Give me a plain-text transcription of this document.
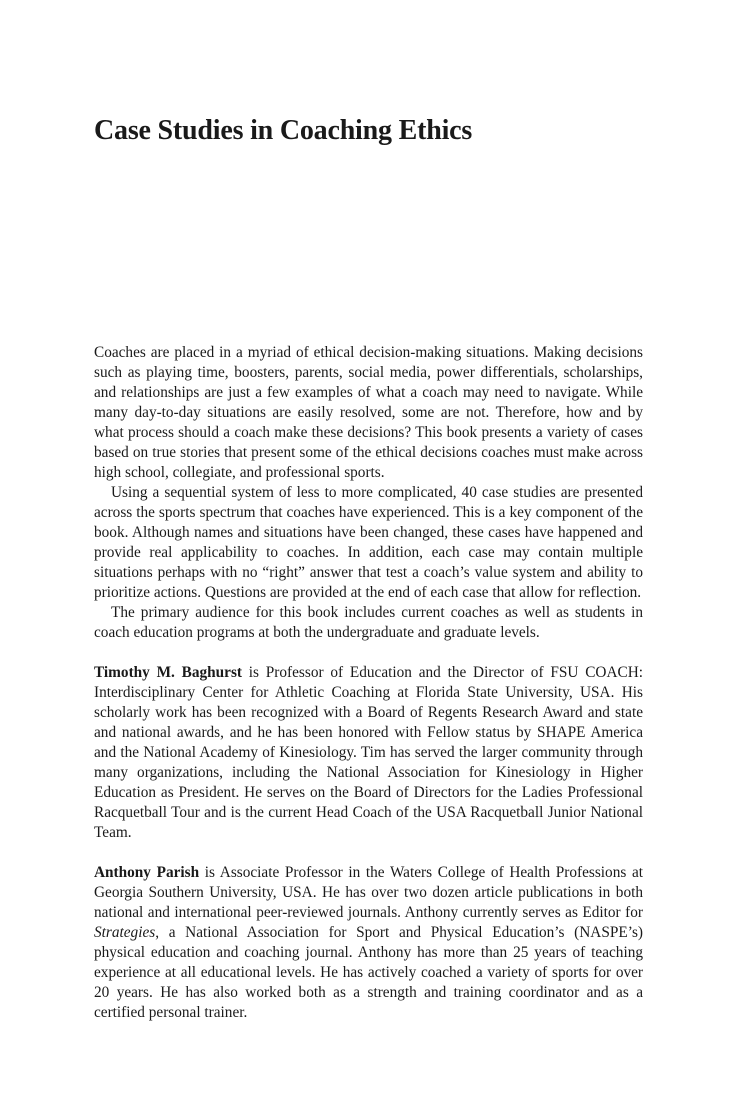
Case Studies in Coaching Ethics

Coaches are placed in a myriad of ethical decision-making situations. Making decisions such as playing time, boosters, parents, social media, power differentials, scholarships, and relationships are just a few examples of what a coach may need to navigate. While many day-to-day situations are easily resolved, some are not. Therefore, how and by what process should a coach make these decisions? This book presents a variety of cases based on true stories that present some of the ethical decisions coaches must make across high school, collegiate, and professional sports.

Using a sequential system of less to more complicated, 40 case studies are presented across the sports spectrum that coaches have experienced. This is a key component of the book. Although names and situations have been changed, these cases have happened and provide real applicability to coaches. In addition, each case may contain multiple situations perhaps with no “right” answer that test a coach’s value system and ability to prioritize actions. Questions are provided at the end of each case that allow for reflection.

The primary audience for this book includes current coaches as well as students in coach education programs at both the undergraduate and graduate levels.

Timothy M. Baghurst is Professor of Education and the Director of FSU COACH: Interdisciplinary Center for Athletic Coaching at Florida State University, USA. His scholarly work has been recognized with a Board of Regents Research Award and state and national awards, and he has been honored with Fellow status by SHAPE America and the National Academy of Kinesiology. Tim has served the larger community through many organizations, including the National Association for Kinesiology in Higher Education as President. He serves on the Board of Directors for the Ladies Professional Racquetball Tour and is the current Head Coach of the USA Racquetball Junior National Team.

Anthony Parish is Associate Professor in the Waters College of Health Professions at Georgia Southern University, USA. He has over two dozen article publications in both national and international peer-reviewed journals. Anthony currently serves as Editor for Strategies, a National Association for Sport and Physical Education’s (NASPE’s) physical education and coaching journal. Anthony has more than 25 years of teaching experience at all educational levels. He has actively coached a variety of sports for over 20 years. He has also worked both as a strength and training coordinator and as a certified personal trainer.
